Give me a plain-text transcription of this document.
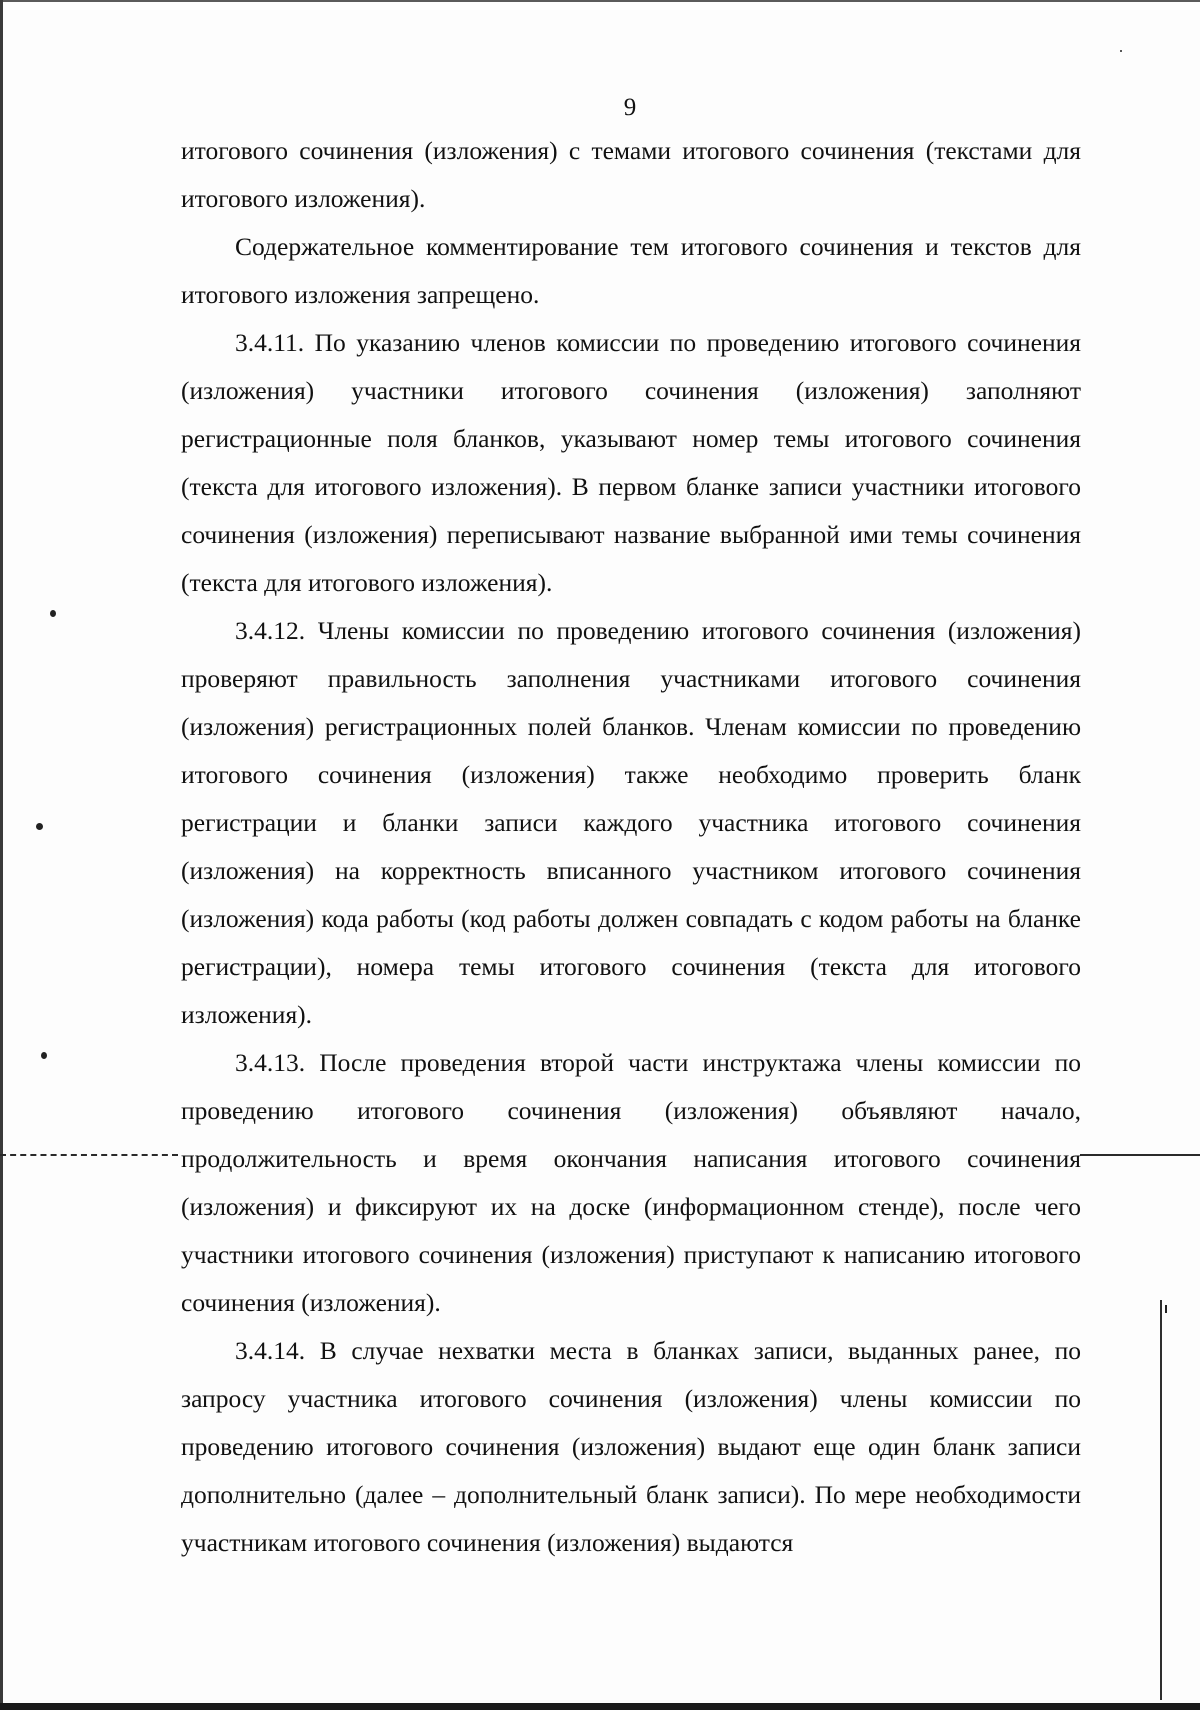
9

итогового сочинения (изложения) с темами итогового сочинения (текстами для итогового изложения).

Содержательное комментирование тем итогового сочинения и текстов для итогового изложения запрещено.

3.4.11. По указанию членов комиссии по проведению итогового сочинения (изложения) участники итогового сочинения (изложения) заполняют регистрационные поля бланков, указывают номер темы итогового сочинения (текста для итогового изложения). В первом бланке записи участники итогового сочинения (изложения) переписывают название выбранной ими темы сочинения (текста для итогового изложения).

3.4.12. Члены комиссии по проведению итогового сочинения (изложения) проверяют правильность заполнения участниками итогового сочинения (изложения) регистрационных полей бланков. Членам комиссии по проведению итогового сочинения (изложения) также необходимо проверить бланк регистрации и бланки записи каждого участника итогового сочинения (изложения) на корректность вписанного участником итогового сочинения (изложения) кода работы (код работы должен совпадать с кодом работы на бланке регистрации), номера темы итогового сочинения (текста для итогового изложения).

3.4.13. После проведения второй части инструктажа члены комиссии по проведению итогового сочинения (изложения) объявляют начало, продолжительность и время окончания написания итогового сочинения (изложения) и фиксируют их на доске (информационном стенде), после чего участники итогового сочинения (изложения) приступают к написанию итогового сочинения (изложения).

3.4.14. В случае нехватки места в бланках записи, выданных ранее, по запросу участника итогового сочинения (изложения) члены комиссии по проведению итогового сочинения (изложения) выдают еще один бланк записи дополнительно (далее – дополнительный бланк записи). По мере необходимости участникам итогового сочинения (изложения) выдаются
